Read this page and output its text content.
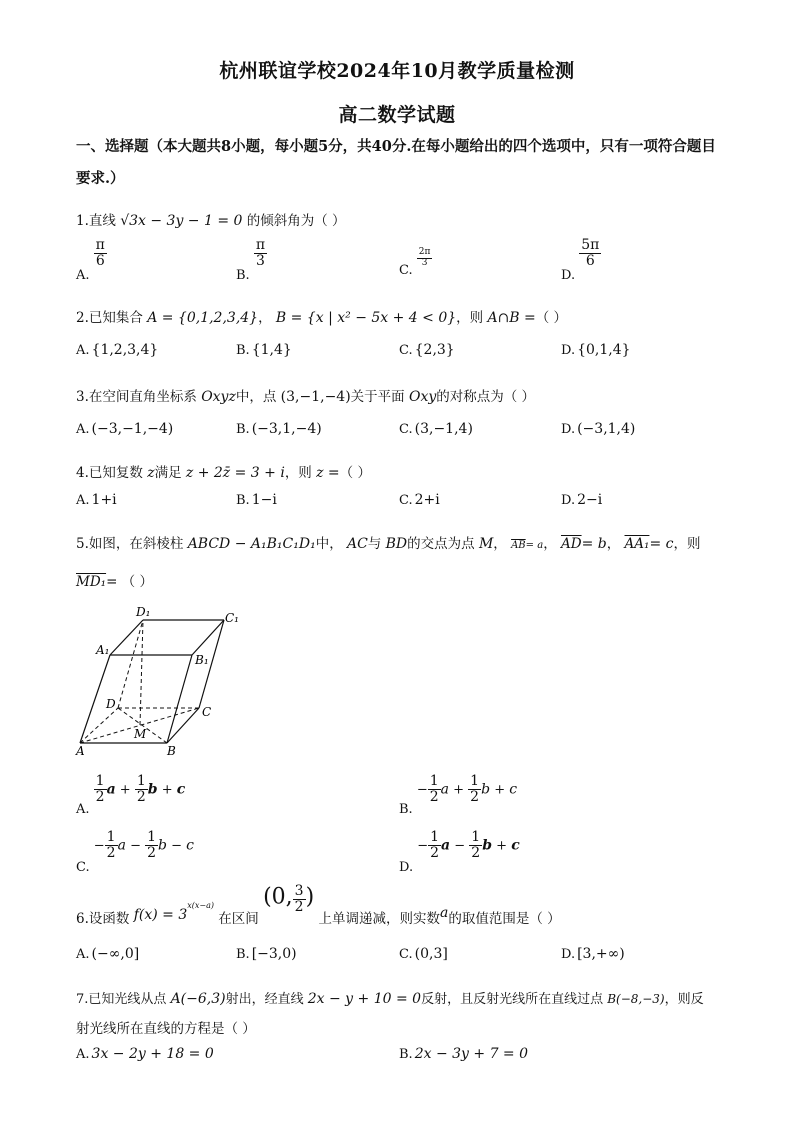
杭州联谊学校2024年10月教学质量检测
高二数学试题
一、选择题（本大题共8小题，每小题5分，共40分.在每小题给出的四个选项中，只有一项符合题目要求.）
1.直线 √3x − 3y − 1 = 0 的倾斜角为（ ）
A.
$\frac{\pi}{6}$
B.
$\frac{\pi}{3}$
C.
$\frac{2\pi}{3}$
D.
$\frac{5\pi}{6}$
2.已知集合 A = {0,1,2,3,4}， B = {x | x² − 5x + 4 < 0}，则 A∩B =（ ）
A. {1,2,3,4}	B. {1,4}	C. {2,3}	D. {0,1,4}
3.在空间直角坐标系 Oxyz中，点 (3,−1,−4)关于平面 Oxy的对称点为（ ）
A. (−3,−1,−4)	B. (−3,1,−4)	C. (3,−1,4)	D. (−3,1,4)
4.已知复数 z满足 z + 2z̄ = 3 + i，则 z =（ ）
A. 1+i	B. 1−i	C. 2+i	D. 2−i
5.如图，在斜棱柱 ABCD − A₁B₁C₁D₁中， AC与 BD的交点为点 M， $\overline{AB}= a$， $\overline{AD}= b$， AA₁= c，则
MD₁= （ ）
D₁	C₁
A₁
B₁
D
C
M
A	B
A.
$\frac{1}{2}$ $a + \frac{1}{2}$ b + c
B. − $\frac{1}{2}$ $a + \frac{1}{2}$ b + c
C. − $\frac{1}{2}$ $a - \frac{1}{2}$ b − c
D. − $\frac{1}{2}$ $a - \frac{1}{2}$ b + c
6.设函数 $f(x) = 3^{x(x-a)}$ 在区间 (0, $\frac{3}{2}$ ) 上单调递减，则实数a的取值范围是（ ）
A. (−∞,0]	B. [−3,0)	C. (0,3]	D. [3,+∞)
7.已知光线从点 A(−6,3)射出，经直线 2x − y + 10 = 0反射，且反射光线所在直线过点 B(−8,−3)，则反
射光线所在直线的方程是（ ）
A. 3x − 2y + 18 = 0	B. 2x − 3y + 7 = 0
